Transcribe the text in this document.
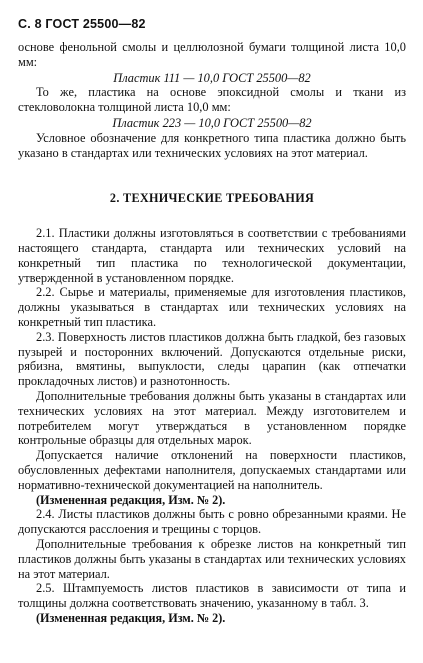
С. 8 ГОСТ 25500—82

основе фенольной смолы и целлюлозной бумаги толщиной листа 10,0 мм:

Пластик 111 — 10,0 ГОСТ 25500—82

То же, пластика на основе эпоксидной смолы и ткани из стекловолокна толщиной листа 10,0 мм:

Пластик 223 — 10,0 ГОСТ 25500—82

Условное обозначение для конкретного типа пластика должно быть указано в стандартах или технических условиях на этот материал.

2. ТЕХНИЧЕСКИЕ ТРЕБОВАНИЯ

2.1. Пластики должны изготовляться в соответствии с требованиями настоящего стандарта, стандарта или технических условий на конкретный тип пластика по технологической документации, утвержденной в установленном порядке.

2.2. Сырье и материалы, применяемые для изготовления пластиков, должны указываться в стандартах или технических условиях на конкретный тип пластика.

2.3. Поверхность листов пластиков должна быть гладкой, без газовых пузырей и посторонних включений. Допускаются отдельные риски, рябизна, вмятины, выпуклости, следы царапин (как отпечатки прокладочных листов) и разнотонность.

Дополнительные требования должны быть указаны в стандартах или технических условиях на этот материал. Между изготовителем и потребителем могут утверждаться в установленном порядке контрольные образцы для отдельных марок.

Допускается наличие отклонений на поверхности пластиков, обусловленных дефектами наполнителя, допускаемых стандартами или нормативно-технической документацией на наполнитель.

(Измененная редакция, Изм. № 2).

2.4. Листы пластиков должны быть с ровно обрезанными краями. Не допускаются расслоения и трещины с торцов.

Дополнительные требования к обрезке листов на конкретный тип пластиков должны быть указаны в стандартах или технических условиях на этот материал.

2.5. Штампуемость листов пластиков в зависимости от типа и толщины должна соответствовать значению, указанному в табл. 3.

(Измененная редакция, Изм. № 2).
